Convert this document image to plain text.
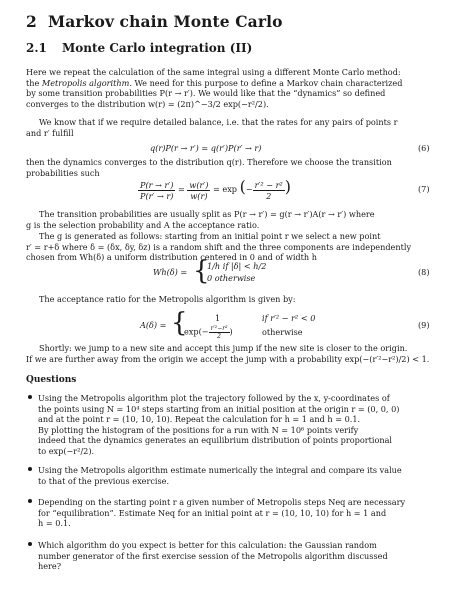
2 Markov chain Monte Carlo
2.1 Monte Carlo integration (II)
Here we repeat the calculation of the same integral using a different Monte Carlo method:
the Metropolis algorithm. We need for this purpose to define a Markov chain characterized
by some transition probabilities P(r → r′). We would like that the “dynamics” so defined
converges to the distribution w(r) = (2π)^−3/2 exp(−r²/2).
We know that if we require detailed balance, i.e. that the rates for any pairs of points r
and r′ fulfill
q(r)P(r → r′) = q(r′)P(r′ → r)	(6)
then the dynamics converges to the distribution q(r). Therefore we choose the transition
probabilities such
$\frac{P(r \to r')}{P(r' \to r)} = \frac{w(r')}{w(r)} = \exp$ (− $\frac{\text{r′² − r²}}{2}$ )	(7)
The transition probabilities are usually split as P(r → r′) = g(r → r′)A(r → r′) where
g is the selection probability and A the acceptance ratio.
The g is generated as follows: starting from an initial point r we select a new point
r′ = r+δ where δ = (δx, δy, δz) is a random shift and the three components are independently
chosen from Wh(δ) a uniform distribution centered in 0 and of width h
Wh(δ) = {
1/h if |δ| < h/2
0 otherwise
(8)
The acceptance ratio for the Metropolis algorithm is given by:
A(δ) = {	1	if r′² − r² < 0
$\exp(- \frac{\text{r′²−r²}}{2}$ )	otherwise
(9)
Shortly: we jump to a new site and accept this jump if the new site is closer to the origin.
If we are further away from the origin we accept the jump with a probability exp(−(r′²−r²)/2) < 1.
Questions
Using the Metropolis algorithm plot the trajectory followed by the x, y-coordinates of
the points using N = 10⁴ steps starting from an initial position at the origin r = (0, 0, 0)
and at the point r = (10, 10, 10). Repeat the calculation for h = 1 and h = 0.1.
By plotting the histogram of the positions for a run with N = 10⁶ points verify
indeed that the dynamics generates an equilibrium distribution of points proportional
to exp(−r²/2).
Using the Metropolis algorithm estimate numerically the integral and compare its value
to that of the previous exercise.
Depending on the starting point r a given number of Metropolis steps Neq are necessary
for “equilibration”. Estimate Neq for an initial point at r = (10, 10, 10) for h = 1 and
h = 0.1.
Which algorithm do you expect is better for this calculation: the Gaussian random
number generator of the first exercise session of the Metropolis algorithm discussed
here?
